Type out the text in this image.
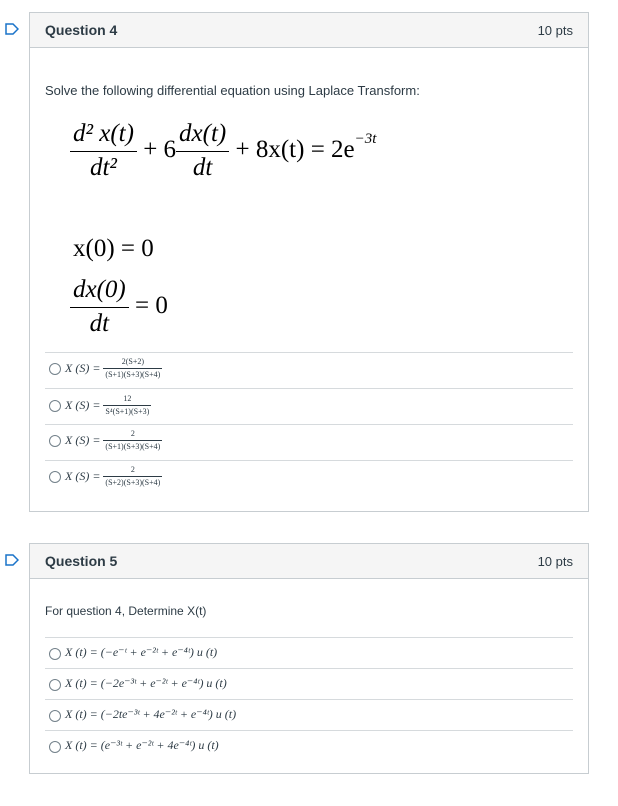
Question 4	10 pts
Solve the following differential equation using Laplace Transform:
$\frac{\text{d² x(t)}}{\text{dt²}} + 6 \frac{dx(t)}{dt} + 8x(t) = 2e^{-3t}$
x(0) = 0
$\frac{dx(0)}{dt} = 0$
X $(S) = \frac{2(S+2)}{(S+1)(S+3)(S+4)}$
X $(S) = \frac{12}{\text{S⁴(S+1)(S+3)}}$
X $(S) = \frac{2}{(S+1)(S+3)(S+4)}$
X $(S) = \frac{2}{(S+2)(S+3)(S+4)}$
Question 5	10 pts
For question 4, Determine X(t)
X (t) = (−e⁻ᵗ + e⁻²ᵗ + e⁻⁴ᵗ) u (t)
X (t) = (−2e⁻³ᵗ + e⁻²ᵗ + e⁻⁴ᵗ) u (t)
X (t) = (−2te⁻³ᵗ + 4e⁻²ᵗ + e⁻⁴ᵗ) u (t)
X (t) = (e⁻³ᵗ + e⁻²ᵗ + 4e⁻⁴ᵗ) u (t)
